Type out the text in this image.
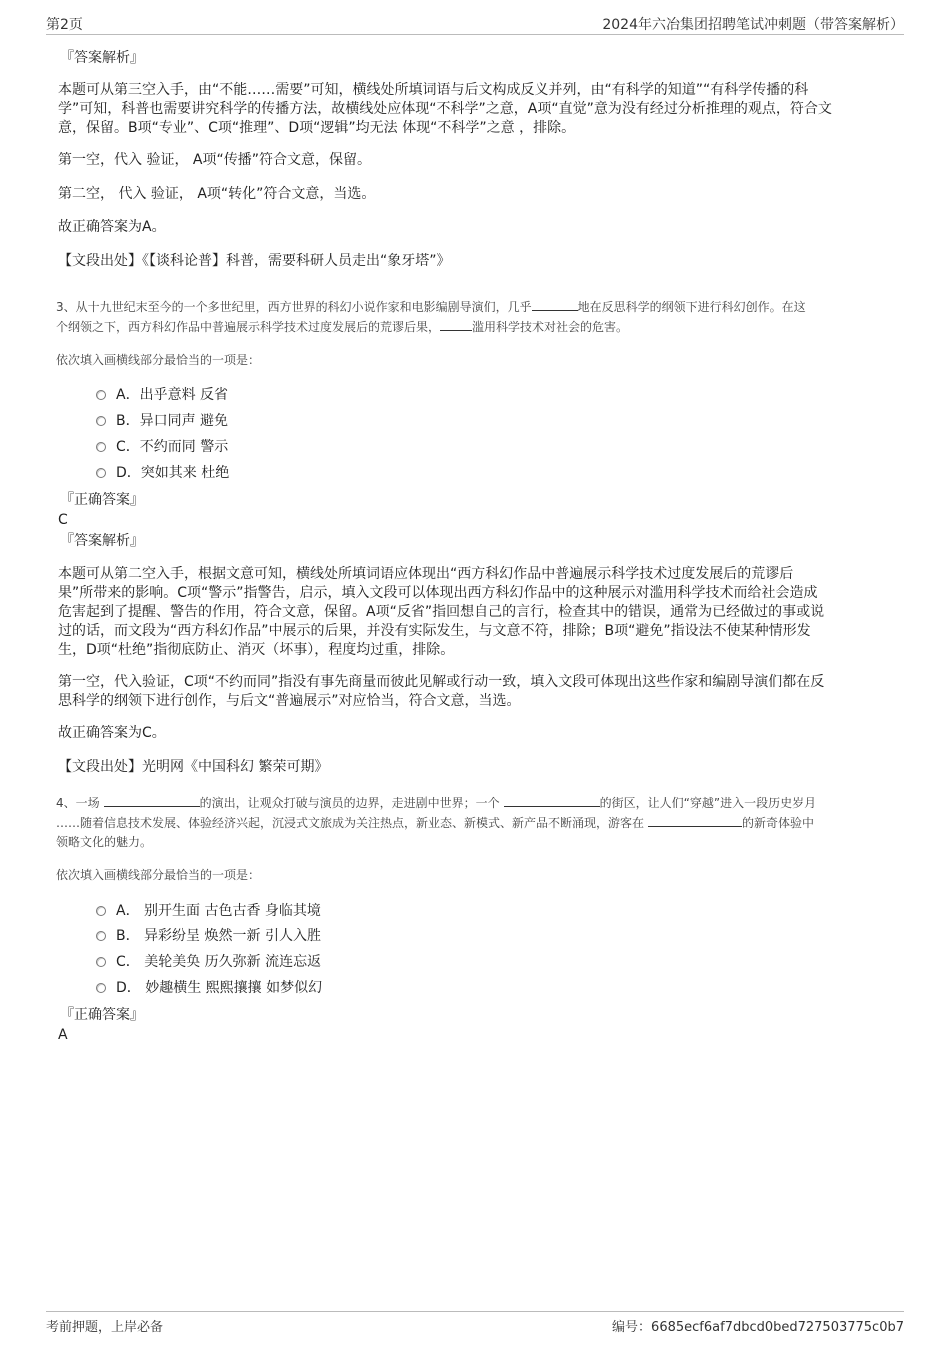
第2页	2024年六冶集团招聘笔试冲刺题（带答案解析）
『答案解析』
本题可从第三空入手，由“不能……需要”可知，横线处所填词语与后文构成反义并列，由“有科学的知道”“有科学传播的科
学”可知，科普也需要讲究科学的传播方法，故横线处应体现“不科学”之意，A项“直觉”意为没有经过分析推理的观点，符合文
意，保留。B项“专业”、C项“推理”、D项“逻辑”均无法 体现“不科学”之意 ，排除。
第一空，代入 验证， A项“传播”符合文意，保留。
第二空， 代入 验证， A项“转化”符合文意，当选。
故正确答案为A。
【文段出处】《【谈科论普】科普，需要科研人员走出“象牙塔”》
3、从十九世纪末至今的一个多世纪里，西方世界的科幻小说作家和电影编剧导演们，几乎	地在反思科学的纲领下进行科幻创作。在这
个纲领之下，西方科幻作品中普遍展示科学技术过度发展后的荒谬后果，	滥用科学技术对社会的危害。
依次填入画横线部分最恰当的一项是：
A．出乎意料 反省
B．异口同声 避免
C．不约而同 警示
D．突如其来 杜绝
『正确答案』
C
『答案解析』
本题可从第二空入手，根据文意可知，横线处所填词语应体现出“西方科幻作品中普遍展示科学技术过度发展后的荒谬后
果”所带来的影响。C项“警示”指警告，启示，填入文段可以体现出西方科幻作品中的这种展示对滥用科学技术而给社会造成
危害起到了提醒、警告的作用，符合文意，保留。A项“反省”指回想自己的言行，检查其中的错误，通常为已经做过的事或说
过的话，而文段为“西方科幻作品”中展示的后果，并没有实际发生，与文意不符，排除；B项“避免”指设法不使某种情形发
生，D项“杜绝”指彻底防止、消灭（坏事），程度均过重，排除。
第一空，代入验证，C项“不约而同”指没有事先商量而彼此见解或行动一致，填入文段可体现出这些作家和编剧导演们都在反
思科学的纲领下进行创作，与后文“普遍展示”对应恰当，符合文意，当选。
故正确答案为C。
【文段出处】光明网《中国科幻 繁荣可期》
4、一场	的演出，让观众打破与演员的边界，走进剧中世界；一个	的街区，让人们“穿越”进入一段历史岁月
……随着信息技术发展、体验经济兴起，沉浸式文旅成为关注热点，新业态、新模式、新产品不断涌现，游客在	的新奇体验中
领略文化的魅力。
依次填入画横线部分最恰当的一项是：
A． 别开生面 古色古香 身临其境
B． 异彩纷呈 焕然一新 引人入胜
C． 美轮美奂 历久弥新 流连忘返
D． 妙趣横生 熙熙攘攘 如梦似幻
『正确答案』
A
考前押题，上岸必备	编号：6685ecf6af7dbcd0bed727503775c0b7
